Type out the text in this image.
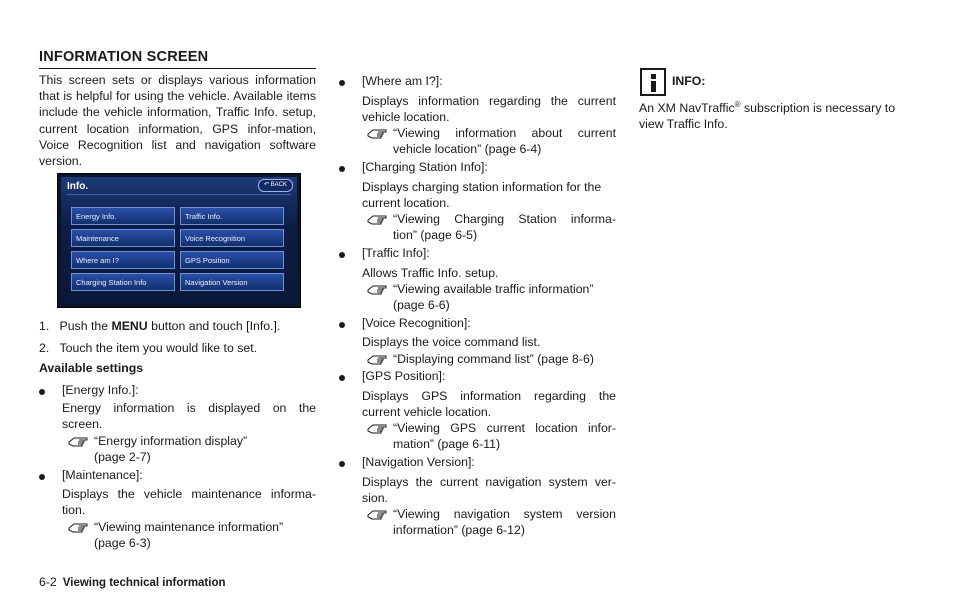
INFORMATION SCREEN
This screen sets or displays various information that is helpful for using the vehicle. Available items include the vehicle information, Traffic Info. setup, current location information, GPS infor-mation, Voice Recognition list and navigation software version.
Info.	↶ BACK
Energy Info.	Traffic Info.
Maintenance	Voice Recognition
Where am I?	GPS Position
Charging Station Info	Navigation Version
1. Push the MENU button and touch [Info.].
2. Touch the item you would like to set.
Available settings
[Energy Info.]:
Energy information is displayed on the
screen.
“Energy information display”
(page 2-7)
[Maintenance]:
Displays the vehicle maintenance informa-
tion.
“Viewing maintenance information”
(page 6-3)
[Where am I?]:
Displays information regarding the current
vehicle location.
“Viewing information about current
vehicle location” (page 6-4)
[Charging Station Info]:
Displays charging station information for the
current location.
“Viewing Charging Station informa-
tion” (page 6-5)
[Traffic Info]:
Allows Traffic Info. setup.
“Viewing available traffic information”
(page 6-6)
[Voice Recognition]:
Displays the voice command list.
“Displaying command list” (page 8-6)
[GPS Position]:
Displays GPS information regarding the
current vehicle location.
“Viewing GPS current location infor-
mation” (page 6-11)
[Navigation Version]:
Displays the current navigation system ver-
sion.
“Viewing navigation system version
information” (page 6-12)
INFO:
An XM NavTraffic® subscription is necessary to
view Traffic Info.
6-2 Viewing technical information
